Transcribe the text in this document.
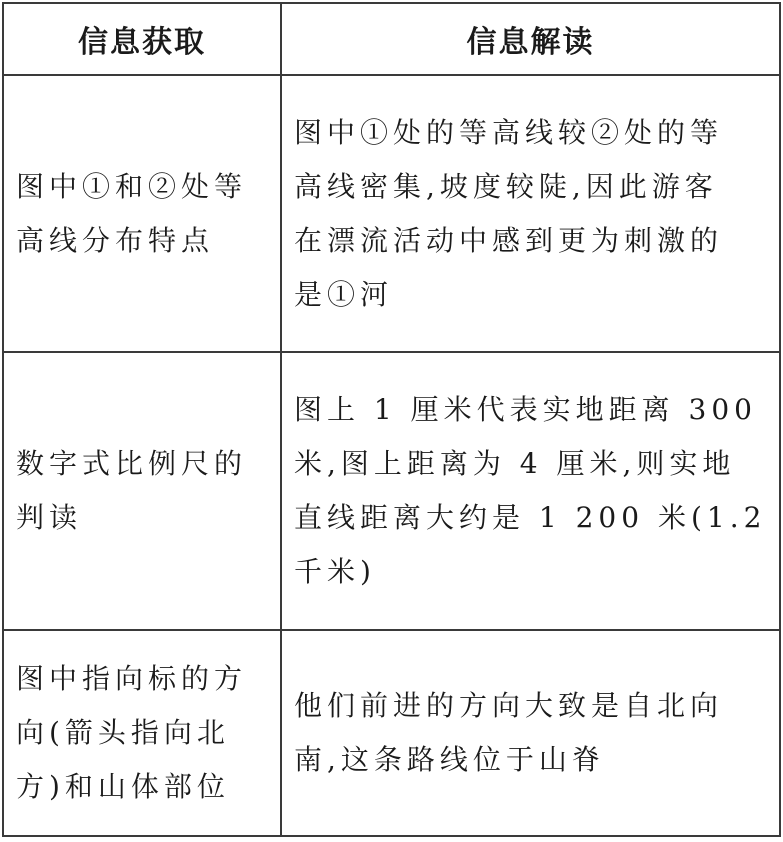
信息获取	信息解读

图中①和②处等
高线分布特点	图中①处的等高线较②处的等
高线密集,坡度较陡,因此游客
在漂流活动中感到更为刺激的
是①河

数字式比例尺的
判读	图上 1 厘米代表实地距离 300
米,图上距离为 4 厘米,则实地
直线距离大约是 1 200 米(1.2
千米)

图中指向标的方
向(箭头指向北
方)和山体部位	他们前进的方向大致是自北向
南,这条路线位于山脊
